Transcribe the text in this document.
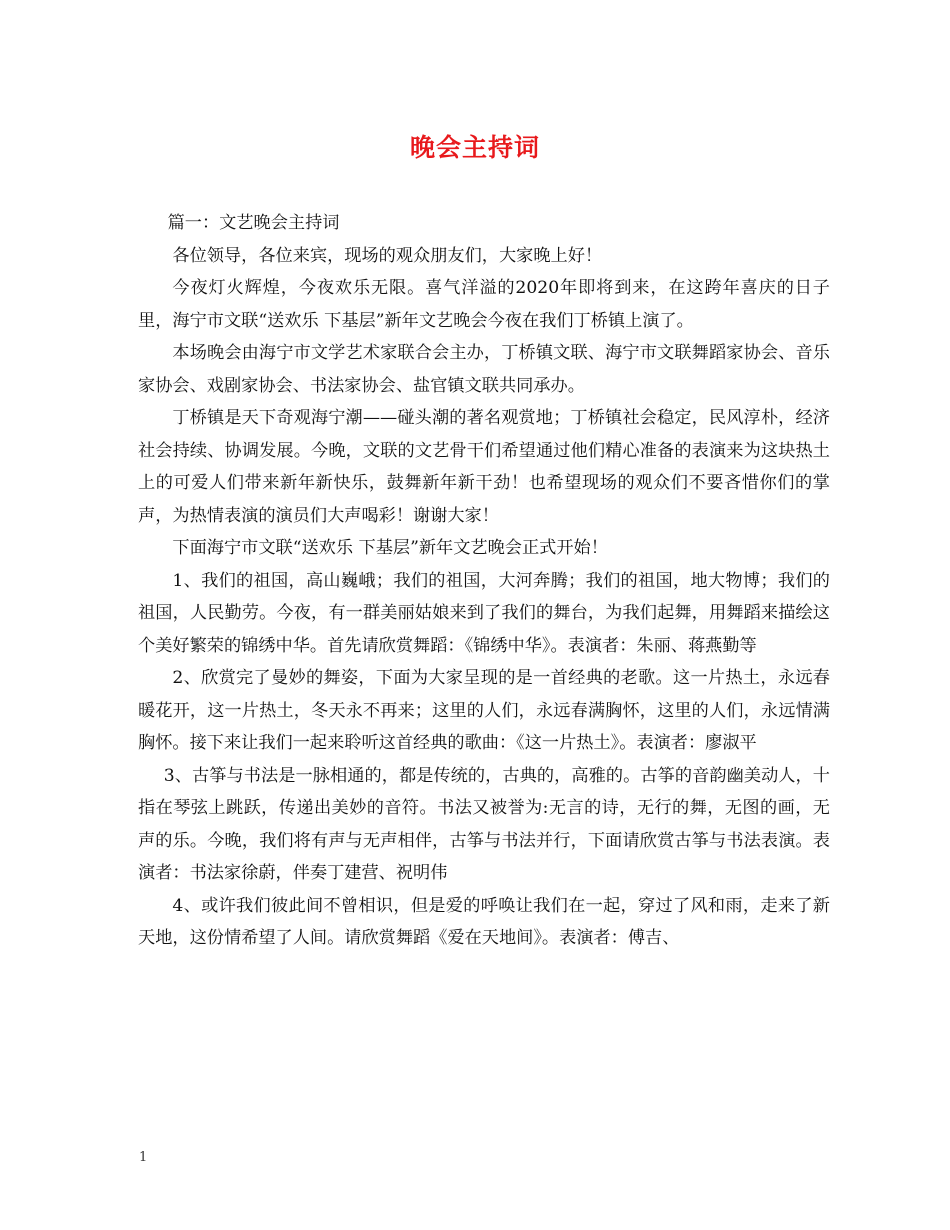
晚会主持词

篇一：文艺晚会主持词

各位领导，各位来宾，现场的观众朋友们，大家晚上好！

今夜灯火辉煌，今夜欢乐无限。喜气洋溢的2020年即将到来，在这跨年喜庆的日子里，海宁市文联“送欢乐 下基层”新年文艺晚会今夜在我们丁桥镇上演了。

本场晚会由海宁市文学艺术家联合会主办，丁桥镇文联、海宁市文联舞蹈家协会、音乐家协会、戏剧家协会、书法家协会、盐官镇文联共同承办。

丁桥镇是天下奇观海宁潮——碰头潮的著名观赏地；丁桥镇社会稳定，民风淳朴，经济社会持续、协调发展。今晚，文联的文艺骨干们希望通过他们精心准备的表演来为这块热土上的可爱人们带来新年新快乐，鼓舞新年新干劲！也希望现场的观众们不要吝惜你们的掌声，为热情表演的演员们大声喝彩！谢谢大家！

下面海宁市文联“送欢乐 下基层”新年文艺晚会正式开始！

1、我们的祖国，高山巍峨；我们的祖国，大河奔腾；我们的祖国，地大物博；我们的祖国，人民勤劳。今夜，有一群美丽姑娘来到了我们的舞台，为我们起舞，用舞蹈来描绘这个美好繁荣的锦绣中华。首先请欣赏舞蹈：《锦绣中华》。表演者：朱丽、蒋燕勤等

2、欣赏完了曼妙的舞姿，下面为大家呈现的是一首经典的老歌。这一片热土，永远春暖花开，这一片热土，冬天永不再来；这里的人们，永远春满胸怀，这里的人们，永远情满胸怀。接下来让我们一起来聆听这首经典的歌曲：《这一片热土》。表演者：廖淑平

3、古筝与书法是一脉相通的，都是传统的，古典的，高雅的。古筝的音韵幽美动人，十指在琴弦上跳跃，传递出美妙的音符。书法又被誉为:无言的诗，无行的舞，无图的画，无声的乐。今晚，我们将有声与无声相伴，古筝与书法并行，下面请欣赏古筝与书法表演。表演者：书法家徐蔚，伴奏丁建营、祝明伟

4、或许我们彼此间不曾相识，但是爱的呼唤让我们在一起，穿过了风和雨，走来了新天地，这份情希望了人间。请欣赏舞蹈《爱在天地间》。表演者：傅吉、

1
